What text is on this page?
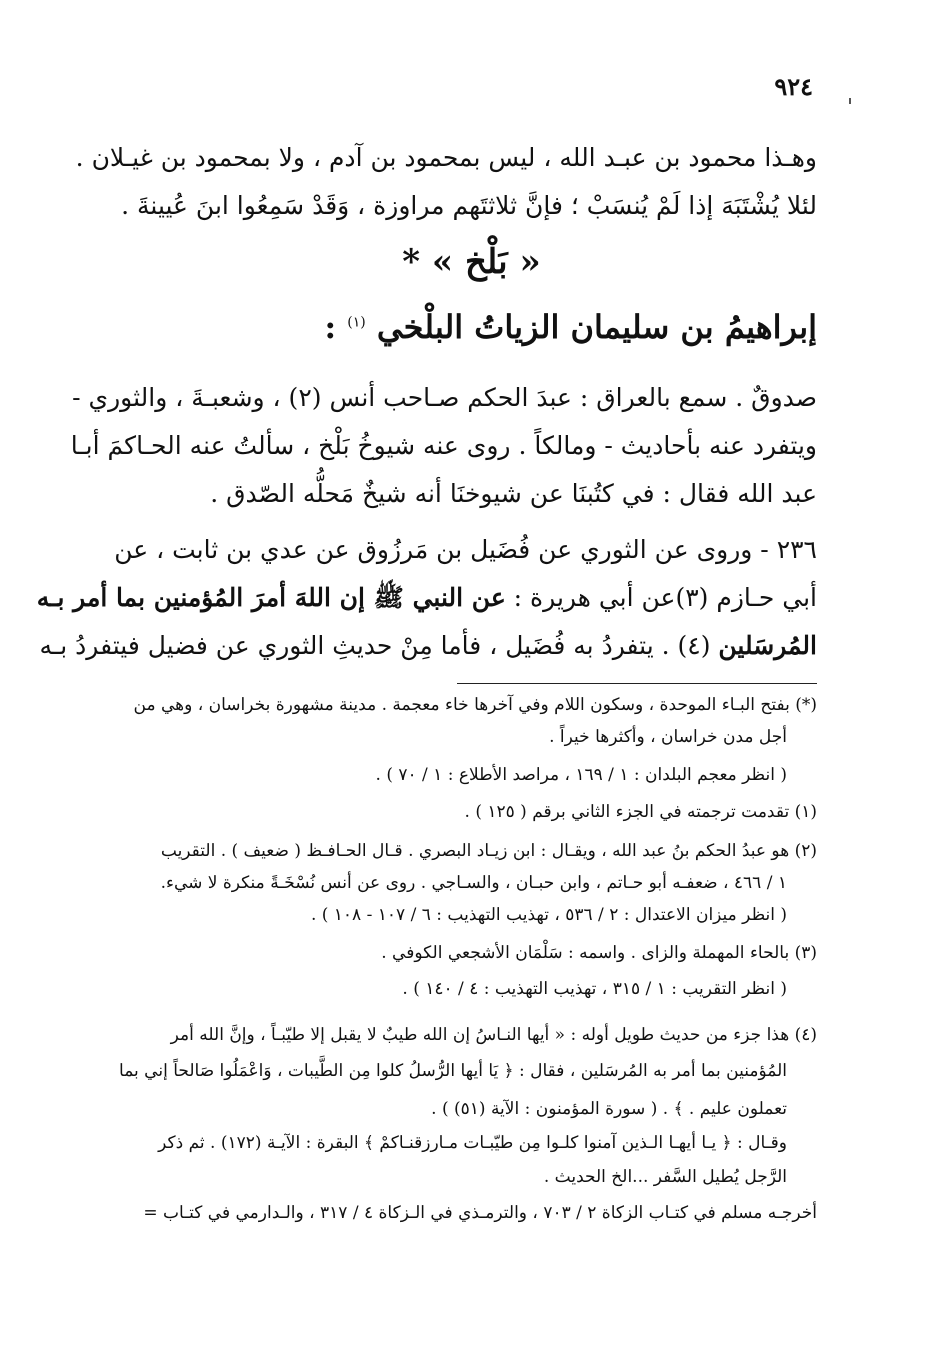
٩٢٤
وهـذا محمود بن عبـد الله ، ليس بمحمود بن آدم ، ولا بمحمود بن غيـلان .
لئلا يُشْتَبَهَ إذا لَمْ يُنسَبْ ؛ فإنَّ ثلاثتَهم مراوزة ، وَقَدْ سَمِعُوا ابنَ عُيينةَ .
« بَلْخ » *
إبراهيمُ بن سليمان الزياتُ البلْخي $^{(١)}$ :
صدوقٌ . سمع بالعراق : عبدَ الحكم صـاحب أنس (٢) ، وشعبـةَ ، والثوري -
ويتفرد عنه بأحاديث - ومالكاً . روى عنه شيوخُ بَلْخ ، سألتُ عنه الحـاكمَ أبـا
عبد الله فقال : في كتُبنَا عن شيوخنَا أنه شيخٌ مَحلُّه الصّدق .
٢٣٦ - وروى عن الثوري عن فُضَيل بن مَرزُوق عن عدي بن ثابت ، عن
أبي حـازم (٣)عن أبي هريرة : عن النبي ﷺ إن اللهَ أمرَ المُؤمنين بما أمر بـه
المُرسَلين (٤) . يتفردُ به فُضَيل ، فأما مِنْ حديثِ الثوري عن فضيل فيتفردُ بـه
(*) بفتح البـاء الموحدة ، وسكون اللام وفي آخرها خاء معجمة . مدينة مشهورة بخراسان ، وهي من
أجل مدن خراسان ، وأكثرها خيراً .
( انظر معجم البلدان : ١ / ١٦٩ ، مراصد الأطلاع : ١ / ٧٠ ) .
(١) تقدمت ترجمته في الجزء الثاني برقم ( ١٢٥ ) .
(٢) هو عبدُ الحكم بنُ عبد الله ، ويقـال : ابن زيـاد البصري . قـال الحـافـظ ( ضعيف ) . التقريب
١ / ٤٦٦ ، ضعفـه أبو حـاتم ، وابن حبـان ، والسـاجي . روى عن أنس نُسْخَـةً منكرة لا شيء.
( انظر ميزان الاعتدال : ٢ / ٥٣٦ ، تهذيب التهذيب : ٦ / ١٠٧ - ١٠٨ ) .
(٣) بالحاء المهملة والزاى . واسمه : سَلْمَان الأشجعي الكوفي .
( انظر التقريب : ١ / ٣١٥ ، تهذيب التهذيب : ٤ / ١٤٠ ) .
(٤) هذا جزء من حديث طويل أوله : « أيها النـاسُ إن الله طيبٌ لا يقبل إلا طيّبـاً ، وإنَّ الله أمر
المُؤمنين بما أمر به المُرسَلين ، فقال : ﴿ يَا أيها الرُّسلُ كلوا مِن الطَّيبات ، وَاعْمَلُوا صَالحاً إني بما
تعملون عليم . ﴾ . ( سورة المؤمنون : الآية (٥١) ) .
وقـال : ﴿ يـا أيهـا الـذين آمنوا كلـوا مِن طيّبـات مـارزقنـاكمْ ﴾ البقرة : الآيـة (١٧٢) . ثم ذكر
الرَّجل يُطيل السَّفر ...الخ الحديث .
أخرجـه مسلم في كتـاب الزكاة ٢ / ٧٠٣ ، والترمـذي في الـزكاة ٤ / ٣١٧ ، والـدارمي في كتـاب =
